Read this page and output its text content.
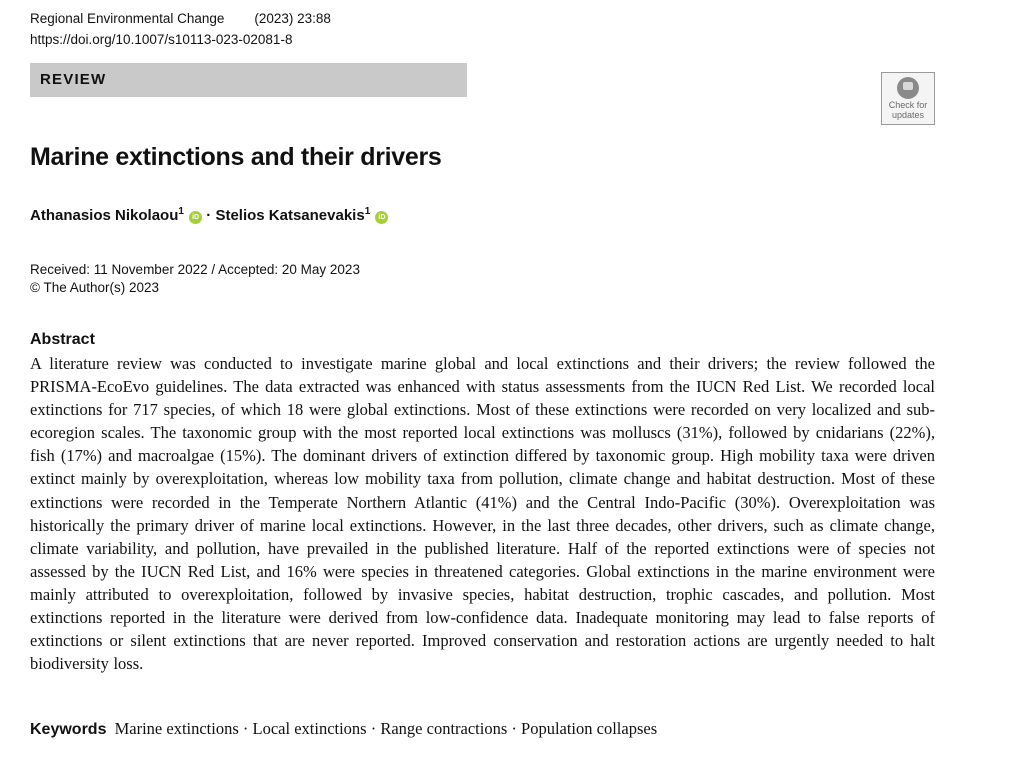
Regional Environmental Change (2023) 23:88
https://doi.org/10.1007/s10113-023-02081-8
REVIEW
Check for
updates
Marine extinctions and their drivers
Athanasios Nikolaou$^1$ iD · Stelios Katsanevakis$^1$ iD
Received: 11 November 2022 / Accepted: 20 May 2023
© The Author(s) 2023
Abstract

A literature review was conducted to investigate marine global and local extinctions and their drivers; the review followed the PRISMA-EcoEvo guidelines. The data extracted was enhanced with status assessments from the IUCN Red List. We recorded local extinctions for 717 species, of which 18 were global extinctions. Most of these extinctions were recorded on very localized and sub-ecoregion scales. The taxonomic group with the most reported local extinctions was molluscs (31%), followed by cnidarians (22%), fish (17%) and macroalgae (15%). The dominant drivers of extinction differed by taxonomic group. High mobility taxa were driven extinct mainly by overexploitation, whereas low mobility taxa from pollution, climate change and habitat destruction. Most of these extinctions were recorded in the Temperate Northern Atlantic (41%) and the Central Indo-Pacific (30%). Overexploitation was historically the primary driver of marine local extinctions. However, in the last three decades, other drivers, such as climate change, climate variability, and pollution, have prevailed in the published literature. Half of the reported extinctions were of species not assessed by the IUCN Red List, and 16% were species in threatened categories. Global extinctions in the marine environment were mainly attributed to overexploitation, followed by invasive species, habitat destruction, trophic cascades, and pollution. Most extinctions reported in the literature were derived from low-confidence data. Inadequate monitoring may lead to false reports of extinctions or silent extinctions that are never reported. Improved conservation and restoration actions are urgently needed to halt biodiversity loss.

Keywords Marine extinctions · Local extinctions · Range contractions · Population collapses
